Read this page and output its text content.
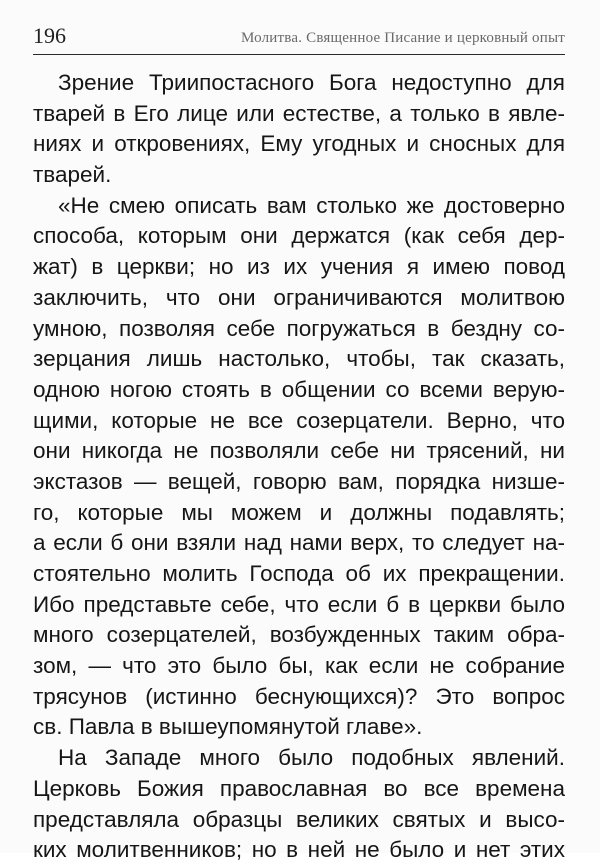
196	Молитва. Священное Писание и церковный опыт
Зрение Триипостасного Бога недоступно для
тварей в Его лице или естестве, а только в явле-
ниях и откровениях, Ему угодных и сносных для
тварей.
«Не смею описать вам столько же достоверно
способа, которым они держатся (как себя дер-
жат) в церкви; но из их учения я имею повод
заключить, что они ограничиваются молитвою
умною, позволяя себе погружаться в бездну со-
зерцания лишь настолько, чтобы, так сказать,
одною ногою стоять в общении со всеми верую-
щими, которые не все созерцатели. Верно, что
они никогда не позволяли себе ни трясений, ни
экстазов — вещей, говорю вам, порядка низше-
го, которые мы можем и должны подавлять;
а если б они взяли над нами верх, то следует на-
стоятельно молить Господа об их прекращении.
Ибо представьте себе, что если б в церкви было
много созерцателей, возбужденных таким обра-
зом, — что это было бы, как если не собрание
трясунов (истинно беснующихся)? Это вопрос
св. Павла в вышеупомянутой главе».
На Западе много было подобных явлений.
Церковь Божия православная во все времена
представляла образцы великих святых и высо-
ких молитвенников; но в ней не было и нет этих
